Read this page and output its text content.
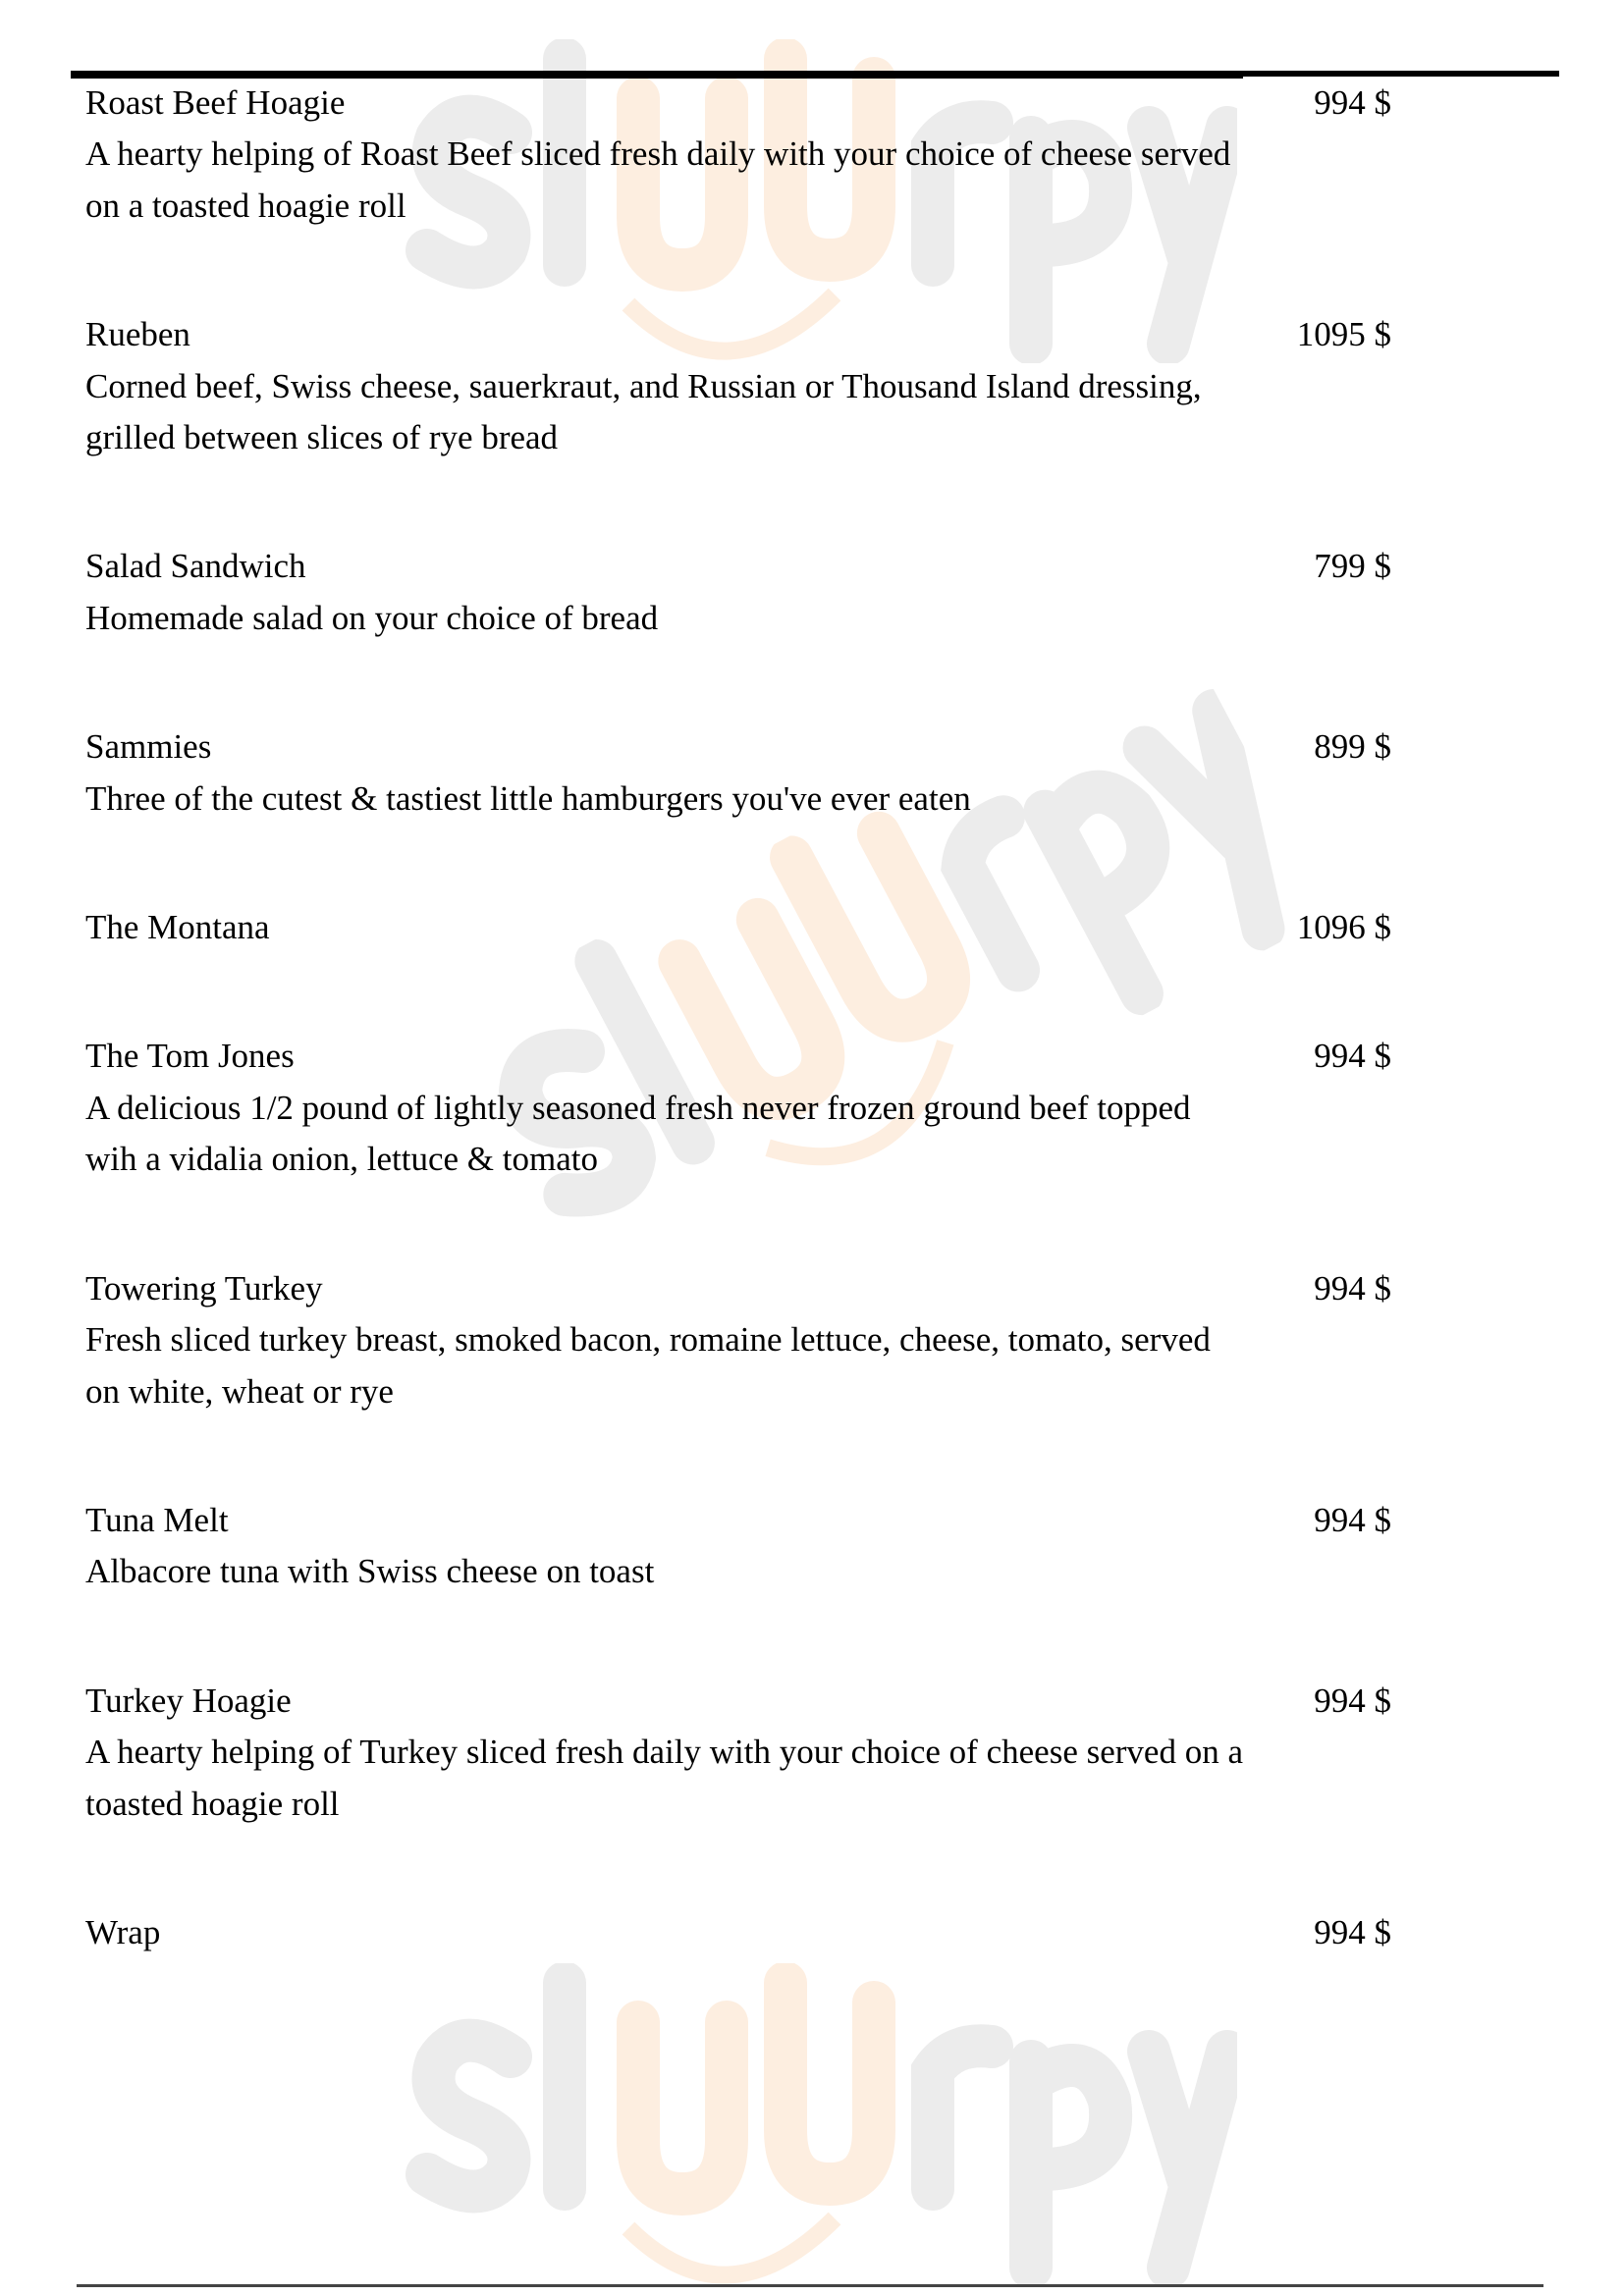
Roast Beef Hoagie
A hearty helping of Roast Beef sliced fresh daily with your choice of cheese served on a toasted hoagie roll
994 $
Rueben
Corned beef, Swiss cheese, sauerkraut, and Russian or Thousand Island dressing, grilled between slices of rye bread
1095 $
Salad Sandwich
Homemade salad on your choice of bread
799 $
Sammies
Three of the cutest & tastiest little hamburgers you've ever eaten
899 $
The Montana	1096 $
The Tom Jones
A delicious 1/2 pound of lightly seasoned fresh never frozen ground beef topped wih a vidalia onion, lettuce & tomato
994 $
Towering Turkey
Fresh sliced turkey breast, smoked bacon, romaine lettuce, cheese, tomato, served on white, wheat or rye
994 $
Tuna Melt
Albacore tuna with Swiss cheese on toast
994 $
Turkey Hoagie
A hearty helping of Turkey sliced fresh daily with your choice of cheese served on a toasted hoagie roll
994 $
Wrap	994 $
